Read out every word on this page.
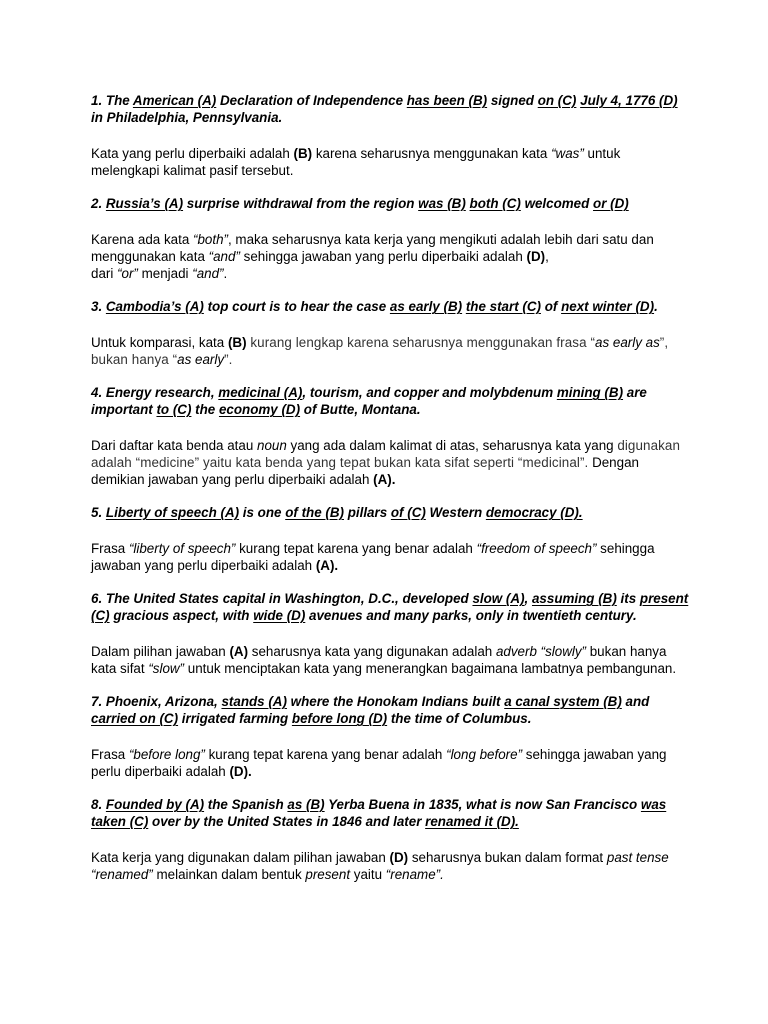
1. The American (A) Declaration of Independence has been (B) signed on (C) July 4, 1776 (D) in Philadelphia, Pennsylvania.

Kata yang perlu diperbaiki adalah (B) karena seharusnya menggunakan kata “was” untuk melengkapi kalimat pasif tersebut.

2. Russia’s (A) surprise withdrawal from the region was (B) both (C) welcomed or (D)

Karena ada kata “both”, maka seharusnya kata kerja yang mengikuti adalah lebih dari satu dan menggunakan kata “and” sehingga jawaban yang perlu diperbaiki adalah (D),
dari “or” menjadi “and”.

3. Cambodia’s (A) top court is to hear the case as early (B) the start (C) of next winter (D).

Untuk komparasi, kata (B) kurang lengkap karena seharusnya menggunakan frasa “as early as”, bukan hanya “as early”.

4. Energy research, medicinal (A), tourism, and copper and molybdenum mining (B) are important to (C) the economy (D) of Butte, Montana.

Dari daftar kata benda atau noun yang ada dalam kalimat di atas, seharusnya kata yang digunakan adalah “medicine” yaitu kata benda yang tepat bukan kata sifat seperti “medicinal”. Dengan demikian jawaban yang perlu diperbaiki adalah (A).

5. Liberty of speech (A) is one of the (B) pillars of (C) Western democracy (D).

Frasa “liberty of speech” kurang tepat karena yang benar adalah “freedom of speech” sehingga jawaban yang perlu diperbaiki adalah (A).

6. The United States capital in Washington, D.C., developed slow (A), assuming (B) its present (C) gracious aspect, with wide (D) avenues and many parks, only in twentieth century.

Dalam pilihan jawaban (A) seharusnya kata yang digunakan adalah adverb “slowly” bukan hanya kata sifat “slow” untuk menciptakan kata yang menerangkan bagaimana lambatnya pembangunan.

7. Phoenix, Arizona, stands (A) where the Honokam Indians built a canal system (B) and carried on (C) irrigated farming before long (D) the time of Columbus.

Frasa “before long” kurang tepat karena yang benar adalah “long before” sehingga jawaban yang perlu diperbaiki adalah (D).

8. Founded by (A) the Spanish as (B) Yerba Buena in 1835, what is now San Francisco was taken (C) over by the United States in 1846 and later renamed it (D).

Kata kerja yang digunakan dalam pilihan jawaban (D) seharusnya bukan dalam format past tense “renamed” melainkan dalam bentuk present yaitu “rename”.
